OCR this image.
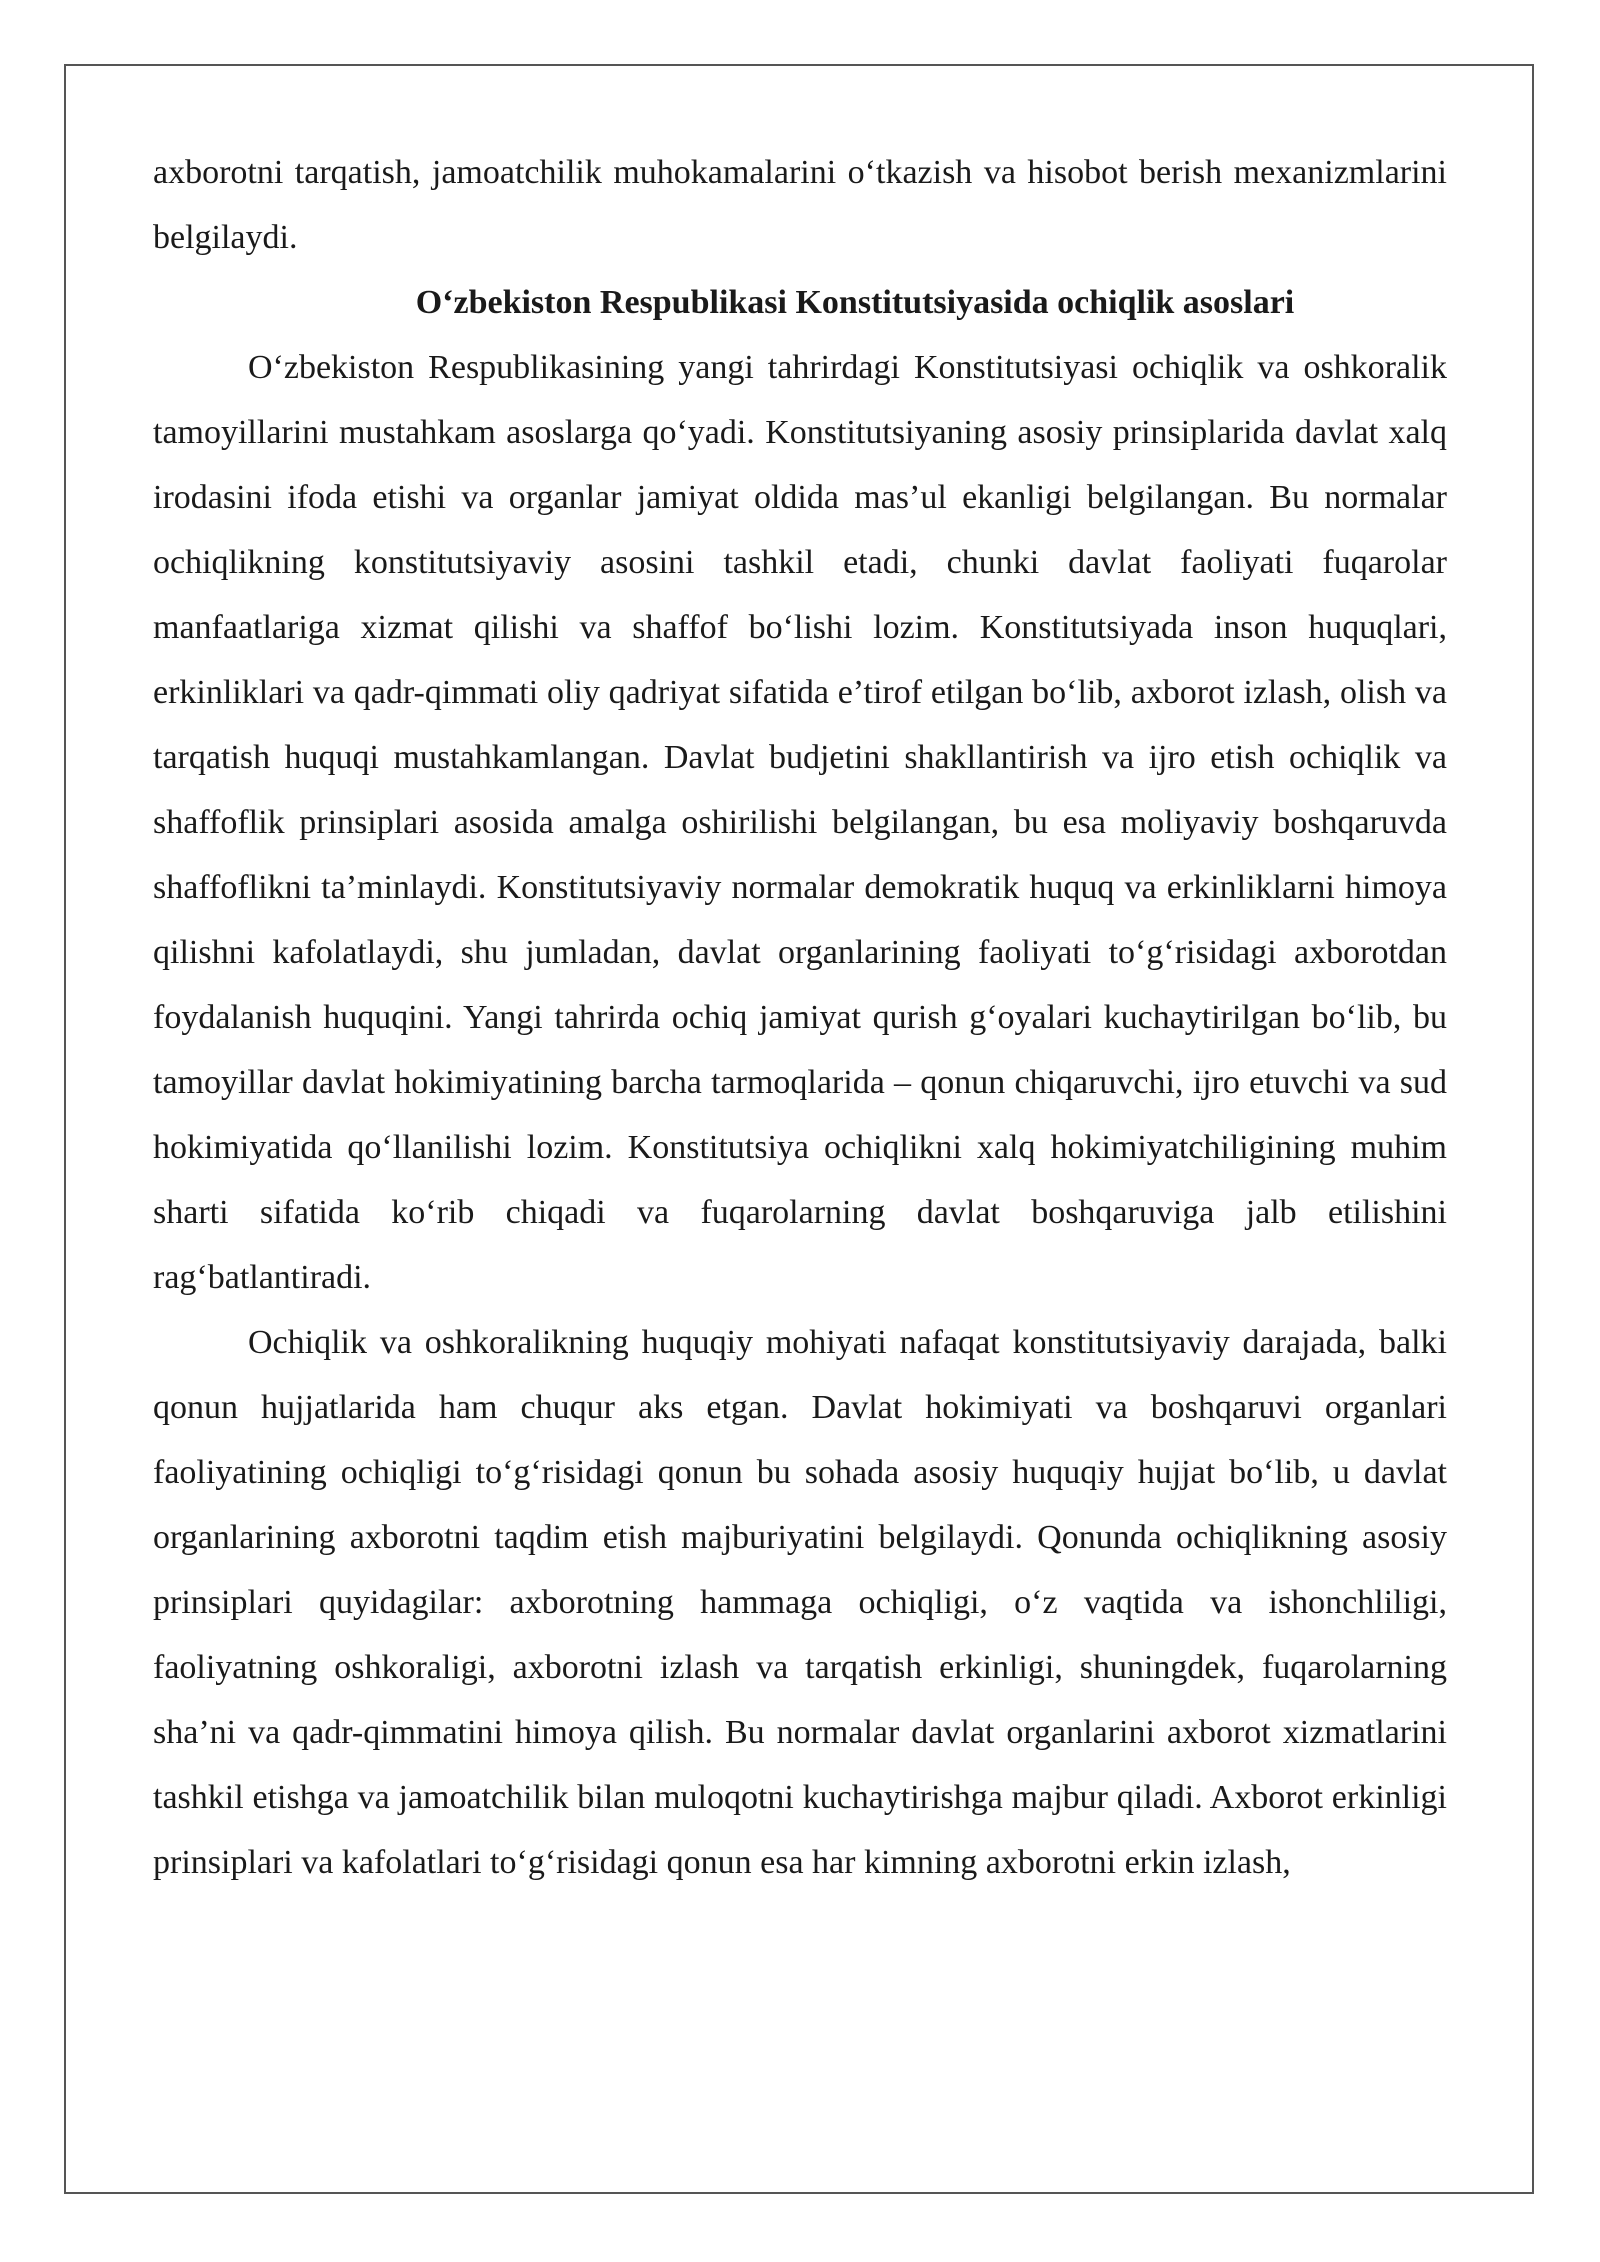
axborotni tarqatish, jamoatchilik muhokamalarini o‘tkazish va hisobot berish mexanizmlarini belgilaydi.

O‘zbekiston Respublikasi Konstitutsiyasida ochiqlik asoslari

O‘zbekiston Respublikasining yangi tahrirdagi Konstitutsiyasi ochiqlik va oshkoralik tamoyillarini mustahkam asoslarga qo‘yadi. Konstitutsiyaning asosiy prinsiplarida davlat xalq irodasini ifoda etishi va organlar jamiyat oldida mas’ul ekanligi belgilangan. Bu normalar ochiqlikning konstitutsiyaviy asosini tashkil etadi, chunki davlat faoliyati fuqarolar manfaatlariga xizmat qilishi va shaffof bo‘lishi lozim. Konstitutsiyada inson huquqlari, erkinliklari va qadr-qimmati oliy qadriyat sifatida e’tirof etilgan bo‘lib, axborot izlash, olish va tarqatish huquqi mustahkamlangan. Davlat budjetini shakllantirish va ijro etish ochiqlik va shaffoflik prinsiplari asosida amalga oshirilishi belgilangan, bu esa moliyaviy boshqaruvda shaffoflikni ta’minlaydi. Konstitutsiyaviy normalar demokratik huquq va erkinliklarni himoya qilishni kafolatlaydi, shu jumladan, davlat organlarining faoliyati to‘g‘risidagi axborotdan foydalanish huquqini. Yangi tahrirda ochiq jamiyat qurish g‘oyalari kuchaytirilgan bo‘lib, bu tamoyillar davlat hokimiyatining barcha tarmoqlarida – qonun chiqaruvchi, ijro etuvchi va sud hokimiyatida qo‘llanilishi lozim. Konstitutsiya ochiqlikni xalq hokimiyatchiligining muhim sharti sifatida ko‘rib chiqadi va fuqarolarning davlat boshqaruviga jalb etilishini rag‘batlantiradi.

Ochiqlik va oshkoralikning huquqiy mohiyati nafaqat konstitutsiyaviy darajada, balki qonun hujjatlarida ham chuqur aks etgan. Davlat hokimiyati va boshqaruvi organlari faoliyatining ochiqligi to‘g‘risidagi qonun bu sohada asosiy huquqiy hujjat bo‘lib, u davlat organlarining axborotni taqdim etish majburiyatini belgilaydi. Qonunda ochiqlikning asosiy prinsiplari quyidagilar: axborotning hammaga ochiqligi, o‘z vaqtida va ishonchliligi, faoliyatning oshkoraligi, axborotni izlash va tarqatish erkinligi, shuningdek, fuqarolarning sha’ni va qadr-qimmatini himoya qilish. Bu normalar davlat organlarini axborot xizmatlarini tashkil etishga va jamoatchilik bilan muloqotni kuchaytirishga majbur qiladi. Axborot erkinligi prinsiplari va kafolatlari to‘g‘risidagi qonun esa har kimning axborotni erkin izlash,
